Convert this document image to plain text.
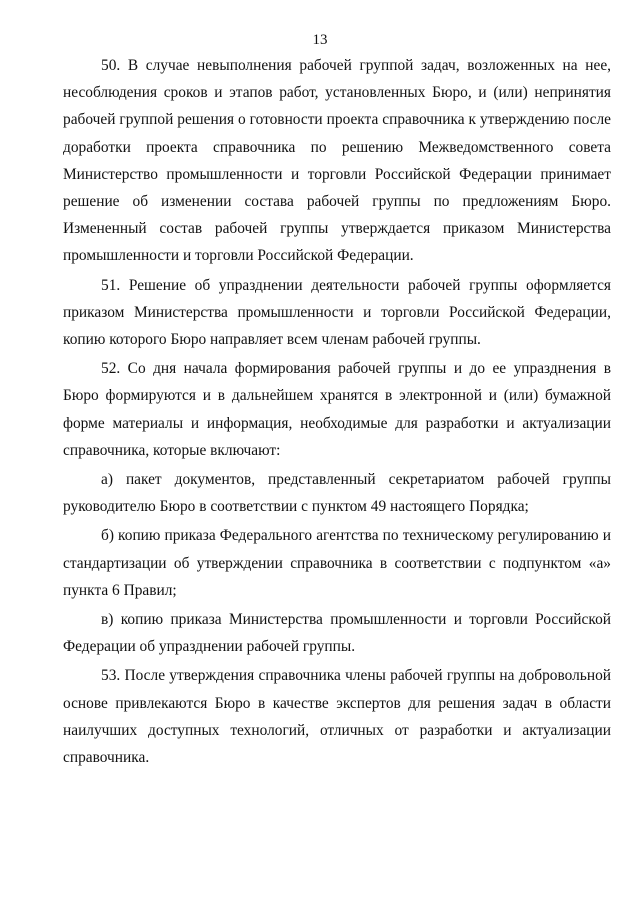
13

50. В случае невыполнения рабочей группой задач, возложенных на нее, несоблюдения сроков и этапов работ, установленных Бюро, и (или) непринятия рабочей группой решения о готовности проекта справочника к утверждению после доработки проекта справочника по решению Межведомственного совета Министерство промышленности и торговли Российской Федерации принимает решение об изменении состава рабочей группы по предложениям Бюро. Измененный состав рабочей группы утверждается приказом Министерства промышленности и торговли Российской Федерации.

51. Решение об упразднении деятельности рабочей группы оформляется приказом Министерства промышленности и торговли Российской Федерации, копию которого Бюро направляет всем членам рабочей группы.

52. Со дня начала формирования рабочей группы и до ее упразднения в Бюро формируются и в дальнейшем хранятся в электронной и (или) бумажной форме материалы и информация, необходимые для разработки и актуализации справочника, которые включают:

а) пакет документов, представленный секретариатом рабочей группы руководителю Бюро в соответствии с пунктом 49 настоящего Порядка;

б) копию приказа Федерального агентства по техническому регулированию и стандартизации об утверждении справочника в соответствии с подпунктом «а» пункта 6 Правил;

в) копию приказа Министерства промышленности и торговли Российской Федерации об упразднении рабочей группы.

53. После утверждения справочника члены рабочей группы на добровольной основе привлекаются Бюро в качестве экспертов для решения задач в области наилучших доступных технологий, отличных от разработки и актуализации справочника.
